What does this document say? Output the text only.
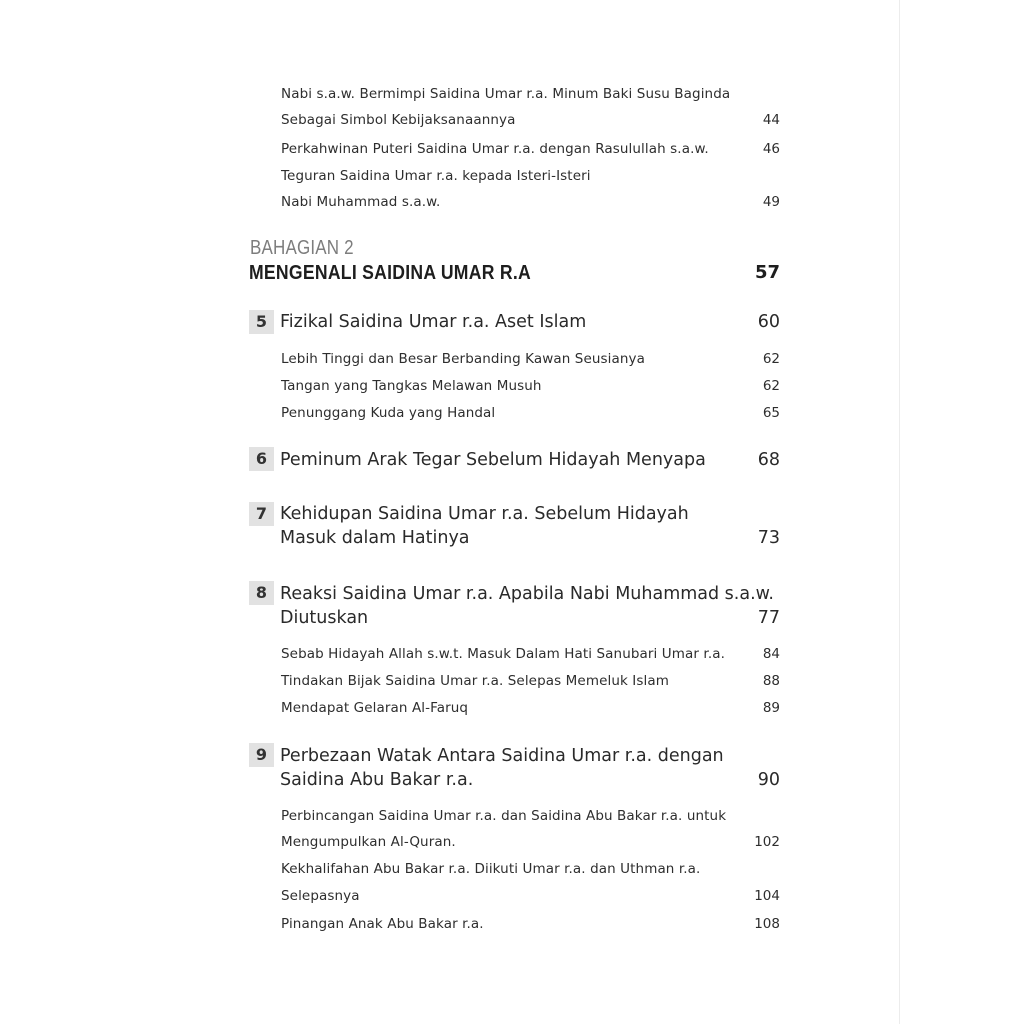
Nabi s.a.w. Bermimpi Saidina Umar r.a. Minum Baki Susu Baginda
Sebagai Simbol Kebijaksanaannya	44
Perkahwinan Puteri Saidina Umar r.a. dengan Rasulullah s.a.w.	46
Teguran Saidina Umar r.a. kepada Isteri-Isteri
Nabi Muhammad s.a.w.	49
BAHAGIAN 2
MENGENALI SAIDINA UMAR R.A	57
5 Fizikal Saidina Umar r.a. Aset Islam	60
Lebih Tinggi dan Besar Berbanding Kawan Seusianya	62
Tangan yang Tangkas Melawan Musuh	62
Penunggang Kuda yang Handal	65
6 Peminum Arak Tegar Sebelum Hidayah Menyapa	68
7 Kehidupan Saidina Umar r.a. Sebelum Hidayah
Masuk dalam Hatinya	73
8 Reaksi Saidina Umar r.a. Apabila Nabi Muhammad s.a.w.
Diutuskan	77
Sebab Hidayah Allah s.w.t. Masuk Dalam Hati Sanubari Umar r.a.	84
Tindakan Bijak Saidina Umar r.a. Selepas Memeluk Islam	88
Mendapat Gelaran Al-Faruq	89
9 Perbezaan Watak Antara Saidina Umar r.a. dengan
Saidina Abu Bakar r.a.	90
Perbincangan Saidina Umar r.a. dan Saidina Abu Bakar r.a. untuk
Mengumpulkan Al-Quran.	102
Kekhalifahan Abu Bakar r.a. Diikuti Umar r.a. dan Uthman r.a.
Selepasnya	104
Pinangan Anak Abu Bakar r.a.	108
